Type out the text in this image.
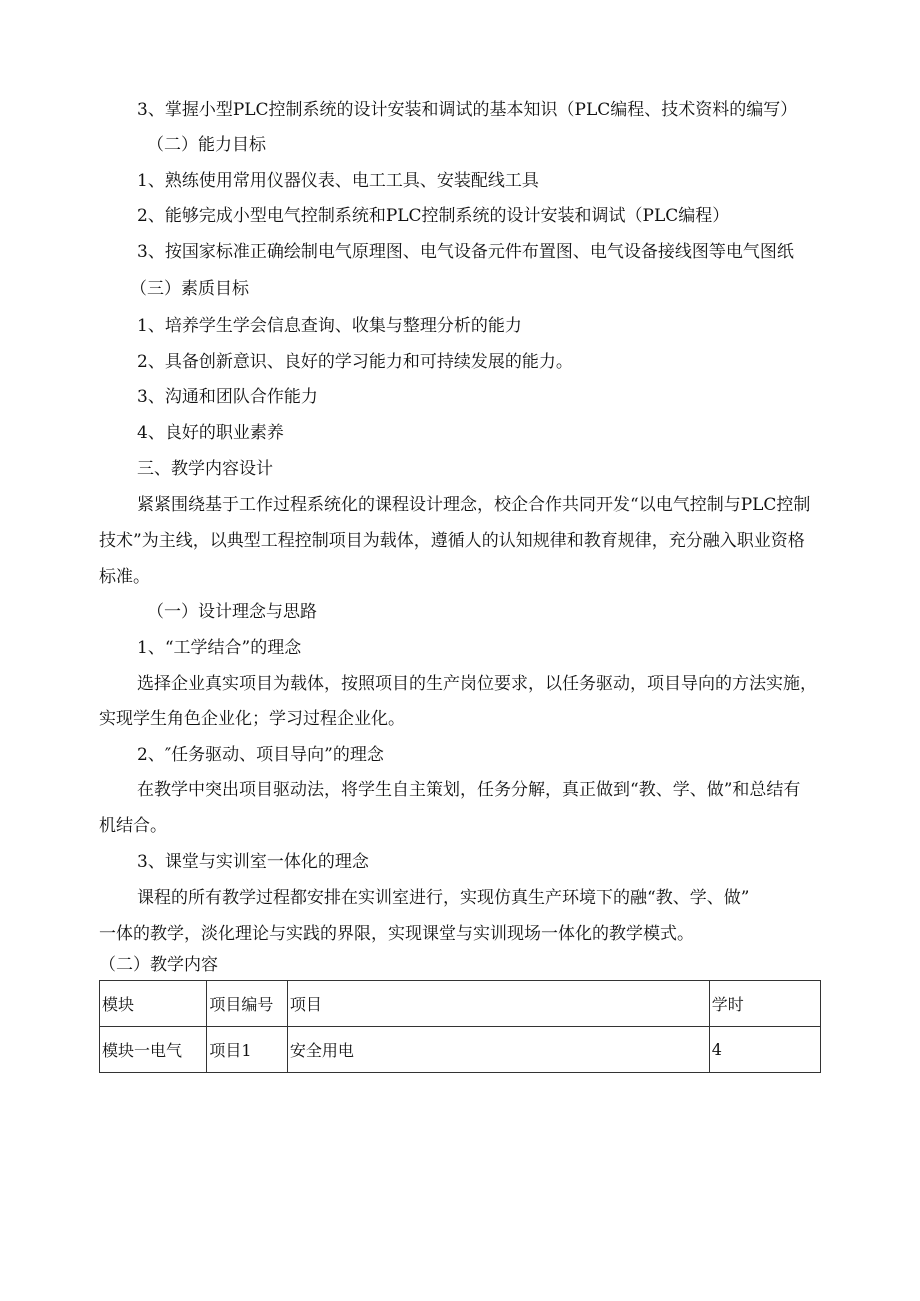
3、掌握小型PLC控制系统的设计安装和调试的基本知识（PLC编程、技术资料的编写）
（二）能力目标
1、熟练使用常用仪器仪表、电工工具、安装配线工具
2、能够完成小型电气控制系统和PLC控制系统的设计安装和调试（PLC编程）
3、按国家标准正确绘制电气原理图、电气设备元件布置图、电气设备接线图等电气图纸
（三）素质目标
1、培养学生学会信息查询、收集与整理分析的能力
2、具备创新意识、良好的学习能力和可持续发展的能力。
3、沟通和团队合作能力
4、良好的职业素养
三、教学内容设计
紧紧围绕基于工作过程系统化的课程设计理念，校企合作共同开发“以电气控制与PLC控制
技术”为主线，以典型工程控制项目为载体，遵循人的认知规律和教育规律，充分融入职业资格
标准。
（一）设计理念与思路
1、“工学结合”的理念
选择企业真实项目为载体，按照项目的生产岗位要求，以任务驱动，项目导向的方法实施，
实现学生角色企业化；学习过程企业化。
2、″任务驱动、项目导向”的理念
在教学中突出项目驱动法，将学生自主策划，任务分解，真正做到“教、学、做”和总结有
机结合。
3、课堂与实训室一体化的理念
课程的所有教学过程都安排在实训室进行，实现仿真生产环境下的融“教、学、做”
一体的教学，淡化理论与实践的界限，实现课堂与实训现场一体化的教学模式。
（二）教学内容
模块	项目编号	项目	学时
模块一电气	项目1	安全用电	4
